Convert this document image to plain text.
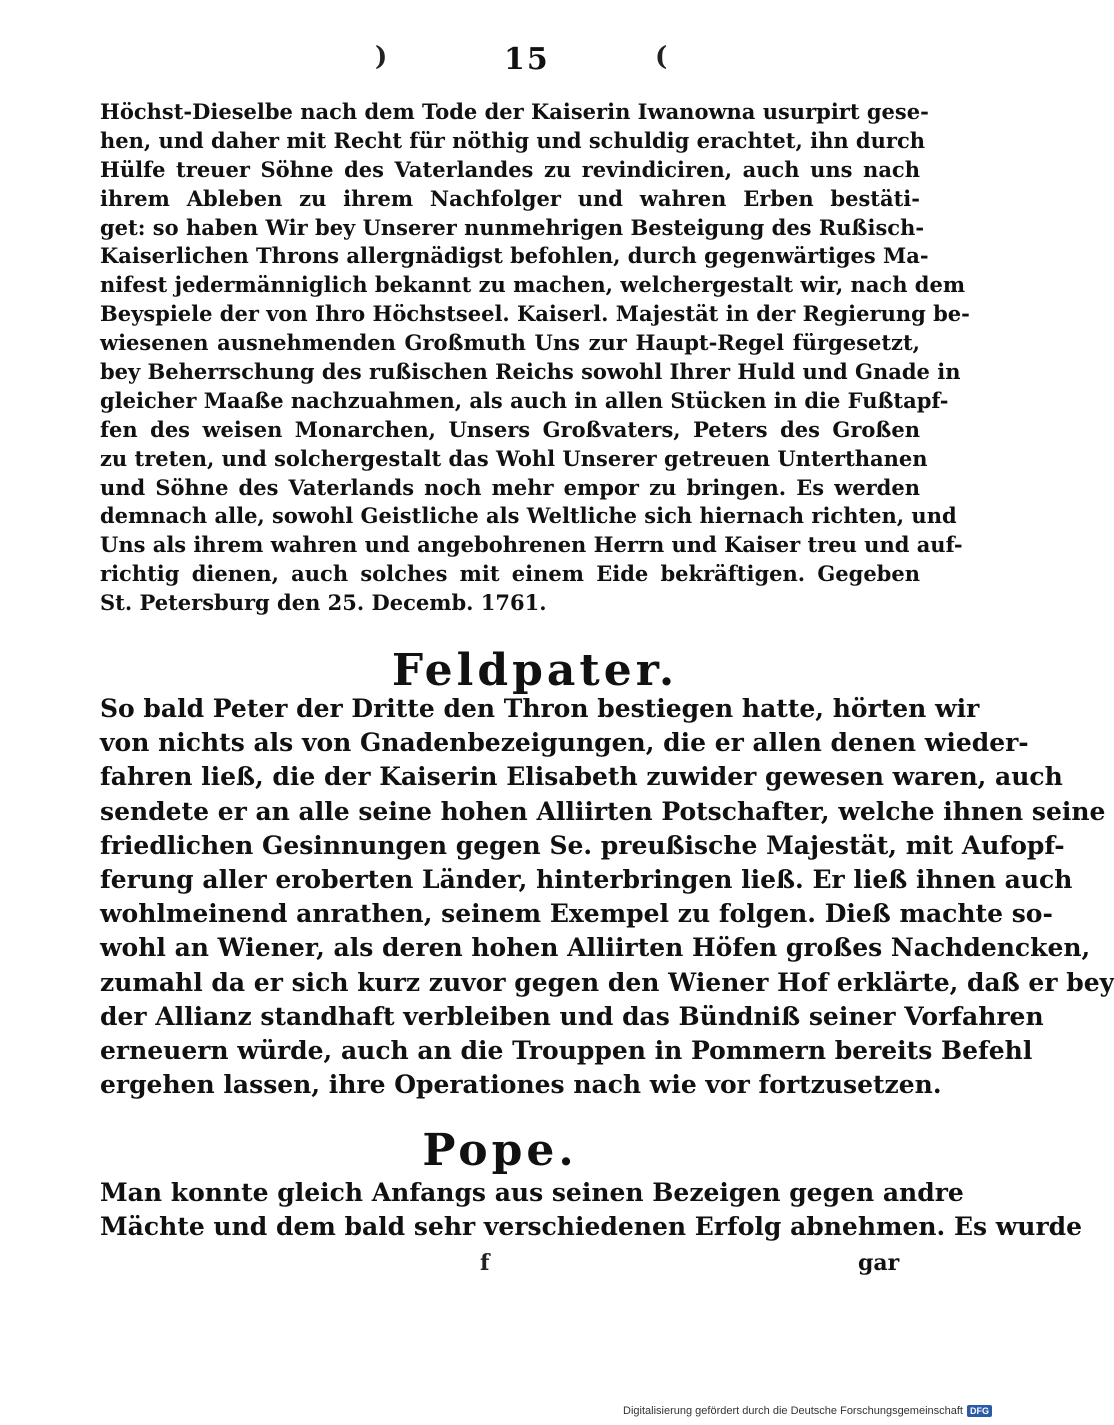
)	15	(
Höchst-Dieselbe nach dem Tode der Kaiserin Iwanowna usurpirt gese-
hen, und daher mit Recht für nöthig und schuldig erachtet, ihn durch
Hülfe treuer Söhne des Vaterlandes zu revindiciren, auch uns nach
ihrem Ableben zu ihrem Nachfolger und wahren Erben bestäti-
get: so haben Wir bey Unserer nunmehrigen Besteigung des Rußisch-
Kaiserlichen Throns allergnädigst befohlen, durch gegenwärtiges Ma-
nifest jedermänniglich bekannt zu machen, welchergestalt wir, nach dem
Beyspiele der von Ihro Höchstseel. Kaiserl. Majestät in der Regierung be-
wiesenen ausnehmenden Großmuth Uns zur Haupt-Regel fürgesetzt,
bey Beherrschung des rußischen Reichs sowohl Ihrer Huld und Gnade in
gleicher Maaße nachzuahmen, als auch in allen Stücken in die Fußtapf-
fen des weisen Monarchen, Unsers Großvaters, Peters des Großen
zu treten, und solchergestalt das Wohl Unserer getreuen Unterthanen
und Söhne des Vaterlands noch mehr empor zu bringen. Es werden
demnach alle, sowohl Geistliche als Weltliche sich hiernach richten, und
Uns als ihrem wahren und angebohrenen Herrn und Kaiser treu und auf-
richtig dienen, auch solches mit einem Eide bekräftigen. Gegeben
St. Petersburg den 25. Decemb. 1761.
Feldpater.
So bald Peter der Dritte den Thron bestiegen hatte, hörten wir
von nichts als von Gnadenbezeigungen, die er allen denen wieder-
fahren ließ, die der Kaiserin Elisabeth zuwider gewesen waren, auch
sendete er an alle seine hohen Alliirten Potschafter, welche ihnen seine
friedlichen Gesinnungen gegen Se. preußische Majestät, mit Aufopf-
ferung aller eroberten Länder, hinterbringen ließ. Er ließ ihnen auch
wohlmeinend anrathen, seinem Exempel zu folgen. Dieß machte so-
wohl an Wiener, als deren hohen Alliirten Höfen großes Nachdencken,
zumahl da er sich kurz zuvor gegen den Wiener Hof erklärte, daß er bey
der Allianz standhaft verbleiben und das Bündniß seiner Vorfahren
erneuern würde, auch an die Trouppen in Pommern bereits Befehl
ergehen lassen, ihre Operationes nach wie vor fortzusetzen.
Pope.
Man konnte gleich Anfangs aus seinen Bezeigen gegen andre
Mächte und dem bald sehr verschiedenen Erfolg abnehmen. Es wurde
f	gar
Digitalisierung gefördert durch die Deutsche Forschungsgemeinschaft DFG
